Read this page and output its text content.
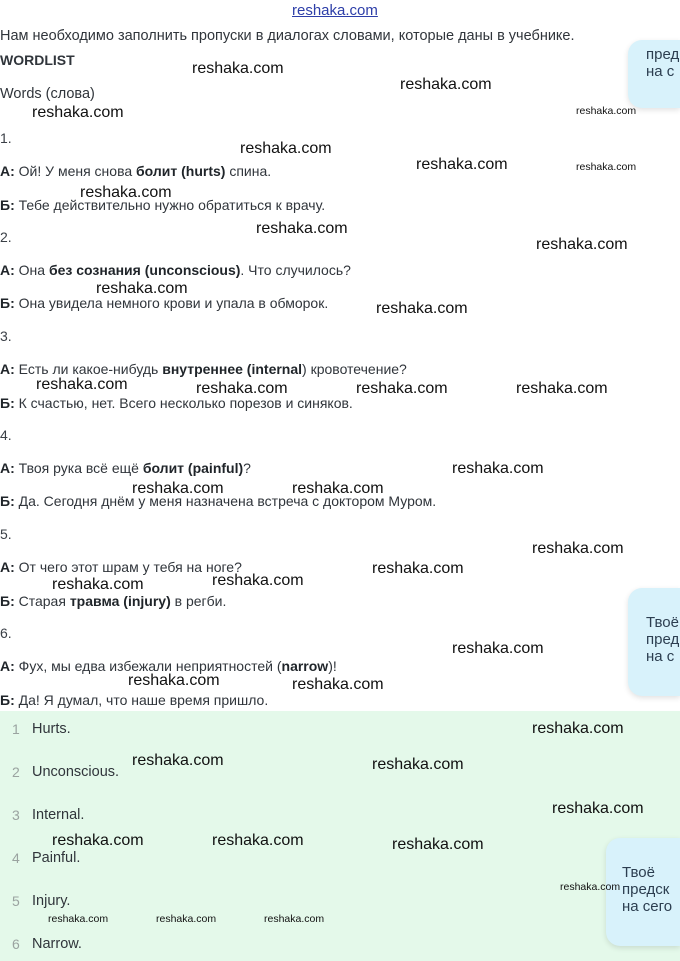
reshaka.com
Нам необходимо заполнить пропуски в диалогах словами, которые даны в учебнике.
WORDLIST
Words (слова)
1.
А: Ой! У меня снова болит (hurts) спина.
Б: Тебе действительно нужно обратиться к врачу.
2.
А: Она без сознания (unconscious). Что случилось?
Б: Она увидела немного крови и упала в обморок.
3.
А: Есть ли какое-нибудь внутреннее (internal) кровотечение?
Б: К счастью, нет. Всего несколько порезов и синяков.
4.
А: Твоя рука всё ещё болит (painful)?
Б: Да. Сегодня днём у меня назначена встреча с доктором Муром.
5.
А: От чего этот шрам у тебя на ноге?
Б: Старая травма (injury) в регби.
6.
А: Фух, мы едва избежали неприятностей (narrow)!
Б: Да! Я думал, что наше время пришло.
1 Hurts.
2 Unconscious.
3 Internal.
4 Painful.
5 Injury.
6 Narrow.
пред
на с
Твоё
пред
на с
Твоё
предск
на сего
reshaka.com
reshaka.com
reshaka.com	reshaka.com
reshaka.com
reshaka.com	reshaka.com
reshaka.com
reshaka.com
reshaka.com
reshaka.com
reshaka.com
reshaka.com	reshaka.com	reshaka.com	reshaka.com
reshaka.com
reshaka.com	reshaka.com
reshaka.com
reshaka.com
reshaka.com
reshaka.com
reshaka.com
reshaka.com	reshaka.com
reshaka.com
reshaka.com	reshaka.com
reshaka.com
reshaka.com	reshaka.com	reshaka.com
reshaka.com
reshaka.com	reshaka.com	reshaka.com
